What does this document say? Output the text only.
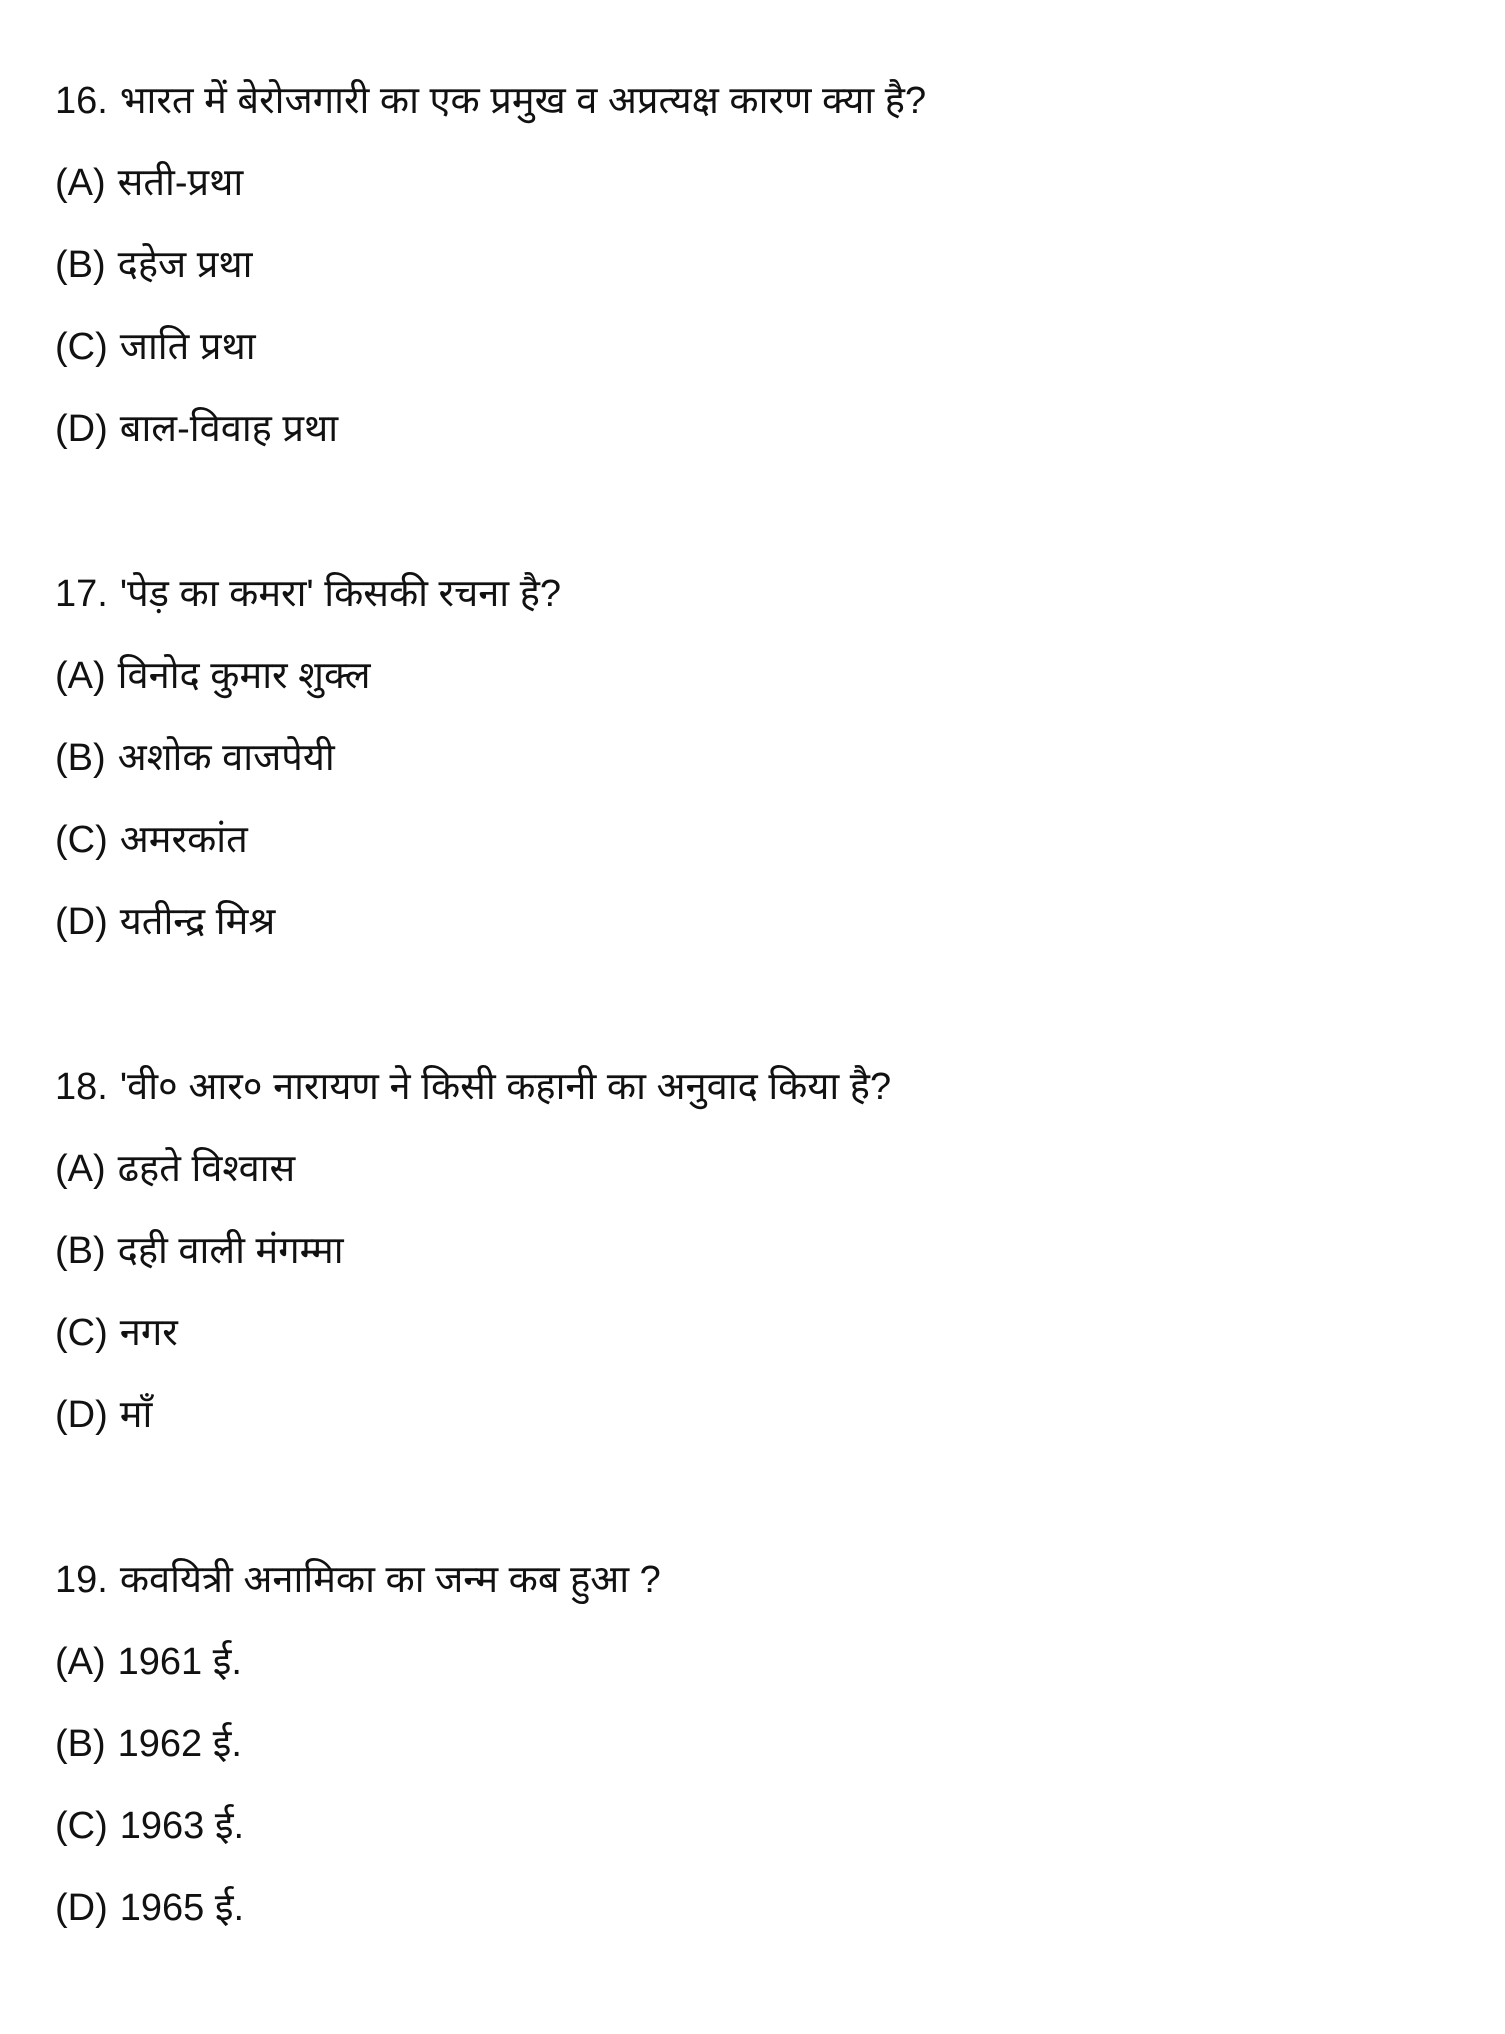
16. भारत में बेरोजगारी का एक प्रमुख व अप्रत्यक्ष कारण क्या है?
(A) सती-प्रथा
(B) दहेज प्रथा
(C) जाति प्रथा
(D) बाल-विवाह प्रथा
17. 'पेड़ का कमरा' किसकी रचना है?
(A) विनोद कुमार शुक्ल
(B) अशोक वाजपेयी
(C) अमरकांत
(D) यतीन्द्र मिश्र
18. 'वी० आर० नारायण ने किसी कहानी का अनुवाद किया है?
(A) ढहते विश्वास
(B) दही वाली मंगम्मा
(C) नगर
(D) माँ
19. कवयित्री अनामिका का जन्म कब हुआ ?
(A) 1961 ई.
(B) 1962 ई.
(C) 1963 ई.
(D) 1965 ई.
